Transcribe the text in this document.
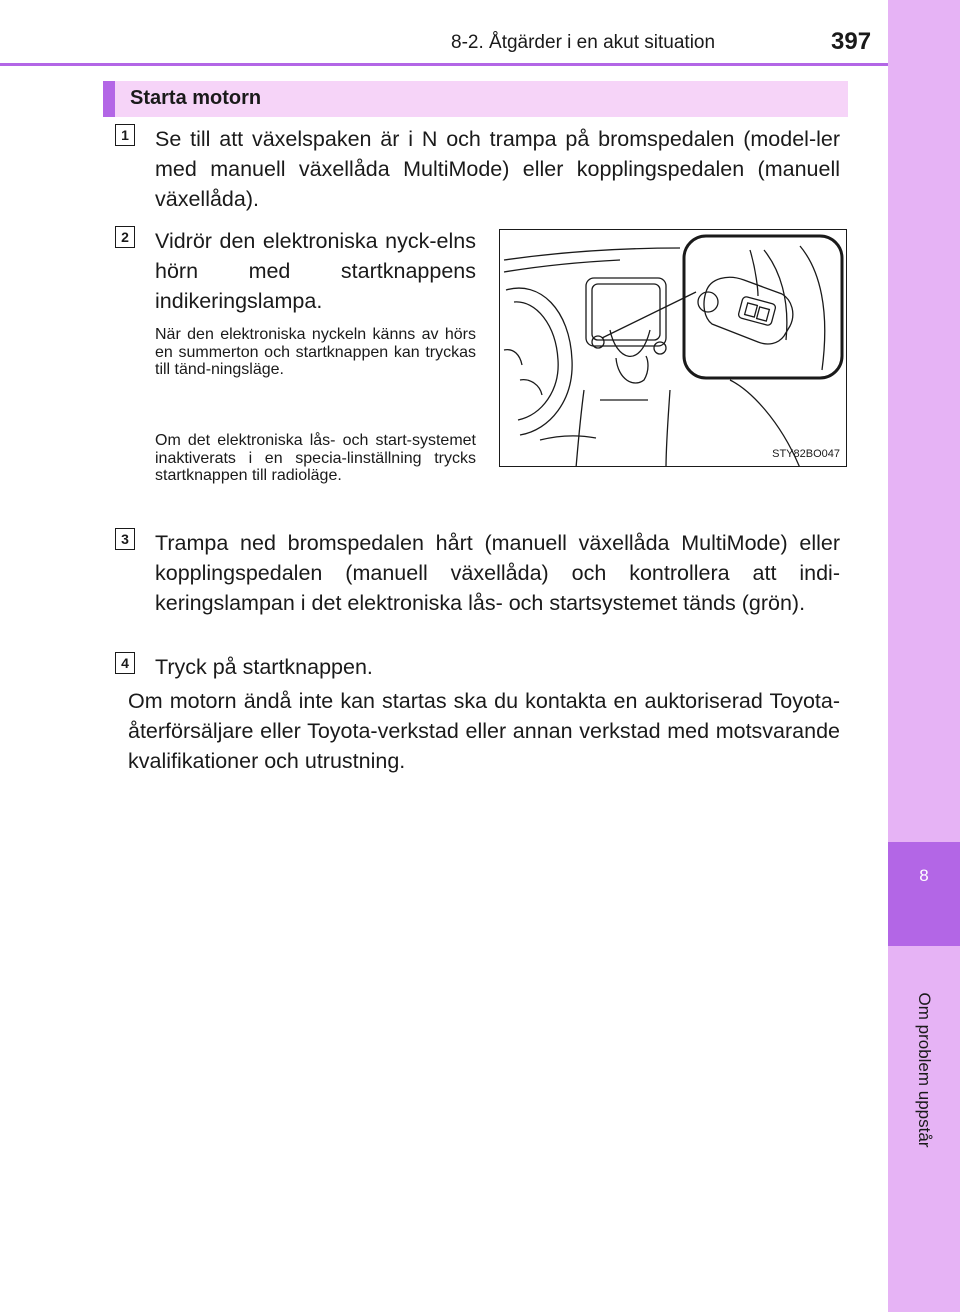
8
Om problem uppstår
8-2. Åtgärder i en akut situation	397
Starta motorn
1 Se till att växelspaken är i N och trampa på bromspedalen (model-ler med manuell växellåda MultiMode) eller kopplingspedalen (manuell växellåda).
2 Vidrör den elektroniska nyck-elns hörn med startknappens indikeringslampa.
När den elektroniska nyckeln känns av hörs en summerton och startknappen kan tryckas till tänd-ningsläge.
Om det elektroniska lås- och start-systemet inaktiverats i en specia-linställning trycks startknappen till radioläge.
STY82BO047
3 Trampa ned bromspedalen hårt (manuell växellåda MultiMode) eller kopplingspedalen (manuell växellåda) och kontrollera att indi-keringslampan i det elektroniska lås- och startsystemet tänds (grön).
4 Tryck på startknappen.
Om motorn ändå inte kan startas ska du kontakta en auktoriserad Toyota-återförsäljare eller Toyota-verkstad eller annan verkstad med motsvarande kvalifikationer och utrustning.
